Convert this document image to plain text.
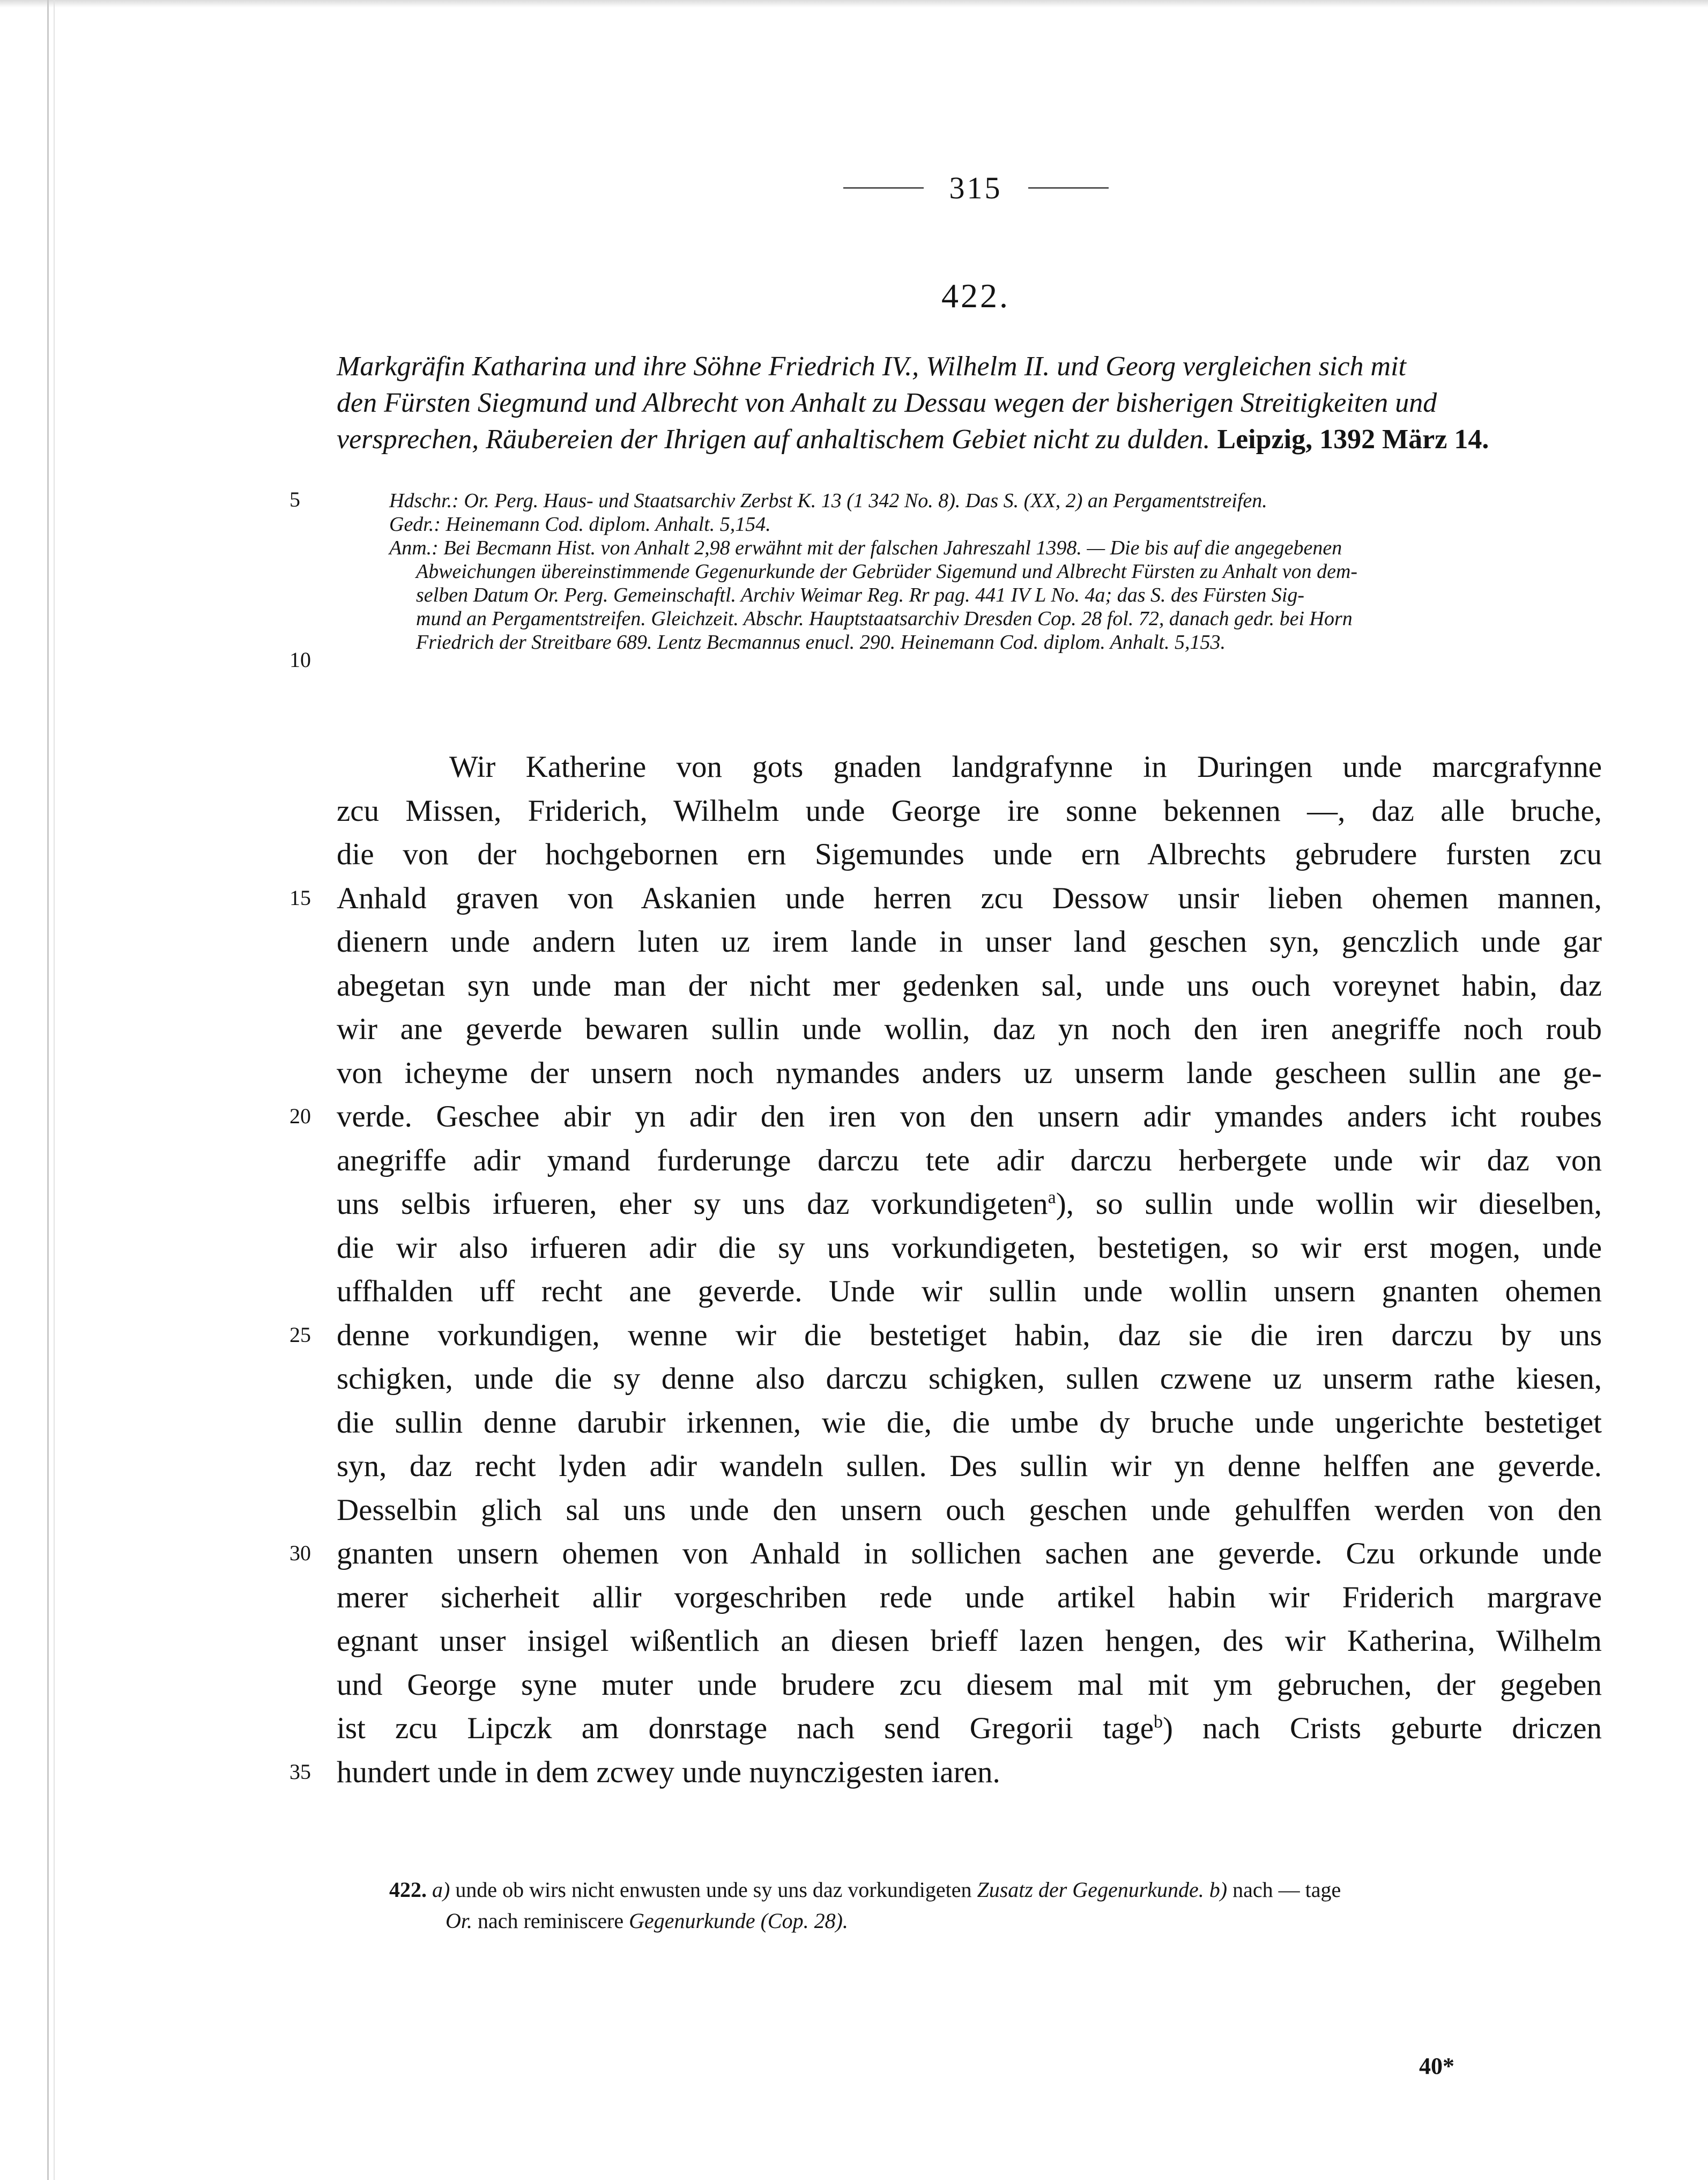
315
422.

Markgräfin Katharina und ihre Söhne Friedrich IV., Wilhelm II. und Georg vergleichen sich mit

den Fürsten Siegmund und Albrecht von Anhalt zu Dessau wegen der bisherigen Streitigkeiten und

versprechen, Räubereien der Ihrigen auf anhaltischem Gebiet nicht zu dulden. Leipzig, 1392 März 14.

Hdschr.: Or. Perg. Haus- und Staatsarchiv Zerbst K. 13 (1 342 No. 8). Das S. (XX, 2) an Pergamentstreifen.

Gedr.: Heinemann Cod. diplom. Anhalt. 5,154.

Anm.: Bei Becmann Hist. von Anhalt 2,98 erwähnt mit der falschen Jahreszahl 1398. — Die bis auf die angegebenen

Abweichungen übereinstimmende Gegenurkunde der Gebrüder Sigemund und Albrecht Fürsten zu Anhalt von dem-

selben Datum Or. Perg. Gemeinschaftl. Archiv Weimar Reg. Rr pag. 441 IV L No. 4a; das S. des Fürsten Sig-

mund an Pergamentstreifen. Gleichzeit. Abschr. Hauptstaatsarchiv Dresden Cop. 28 fol. 72, danach gedr. bei Horn

Friedrich der Streitbare 689. Lentz Becmannus enucl. 290. Heinemann Cod. diplom. Anhalt. 5,153.

5
10
15
20
25
30
35

Wir Katherine von gots gnaden landgrafynne in Duringen unde marcgrafynne

zcu Missen, Friderich, Wilhelm unde George ire sonne bekennen —, daz alle bruche,

die von der hochgebornen ern Sigemundes unde ern Albrechts gebrudere fursten zcu

Anhald graven von Askanien unde herren zcu Dessow unsir lieben ohemen mannen,

dienern unde andern luten uz irem lande in unser land geschen syn, genczlich unde gar

abegetan syn unde man der nicht mer gedenken sal, unde uns ouch voreynet habin, daz

wir ane geverde bewaren sullin unde wollin, daz yn noch den iren anegriffe noch roub

von icheyme der unsern noch nymandes anders uz unserm lande gescheen sullin ane ge-

verde. Geschee abir yn adir den iren von den unsern adir ymandes anders icht roubes

anegriffe adir ymand furderunge darczu tete adir darczu herbergete unde wir daz von

uns selbis irfueren, eher sy uns daz vorkundigeten$^a$), so sullin unde wollin wir dieselben,

die wir also irfueren adir die sy uns vorkundigeten, bestetigen, so wir erst mogen, unde

uffhalden uff recht ane geverde. Unde wir sullin unde wollin unsern gnanten ohemen

denne vorkundigen, wenne wir die bestetiget habin, daz sie die iren darczu by uns

schigken, unde die sy denne also darczu schigken, sullen czwene uz unserm rathe kiesen,

die sullin denne darubir irkennen, wie die, die umbe dy bruche unde ungerichte bestetiget

syn, daz recht lyden adir wandeln sullen. Des sullin wir yn denne helffen ane geverde.

Desselbin glich sal uns unde den unsern ouch geschen unde gehulffen werden von den

gnanten unsern ohemen von Anhald in sollichen sachen ane geverde. Czu orkunde unde

merer sicherheit allir vorgeschriben rede unde artikel habin wir Friderich margrave

egnant unser insigel wißentlich an diesen brieff lazen hengen, des wir Katherina, Wilhelm

und George syne muter unde brudere zcu diesem mal mit ym gebruchen, der gegeben

ist zcu Lipczk am donrstage nach send Gregorii tage$^b$) nach Crists geburte driczen

hundert unde in dem zcwey unde nuynczigesten iaren.

422. a) unde ob wirs nicht enwusten unde sy uns daz vorkundigeten Zusatz der Gegenurkunde. b) nach — tage

Or. nach reminiscere Gegenurkunde (Cop. 28).

40*
